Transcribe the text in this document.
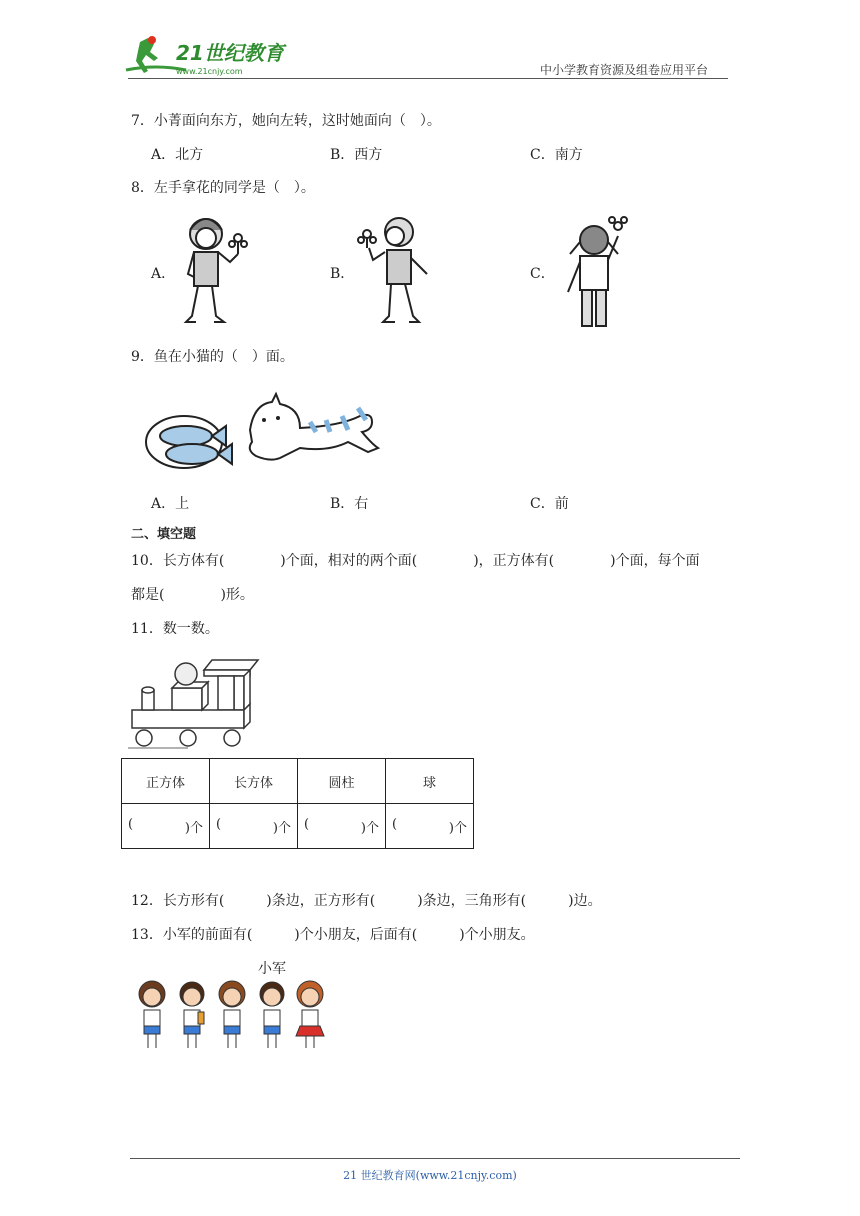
21世纪教育
www.21cnjy.com	中小学教育资源及组卷应用平台
7．小菁面向东方，她向左转，这时她面向（　）。
A．北方	B．西方	C．南方
8．左手拿花的同学是（　）。
A．	B．	C．
9．鱼在小猫的（　）面。
A．上	B．右	C．前
二、填空题
10．长方体有(　　　　)个面，相对的两个面(　　　　)，正方体有(　　　　)个面，每个面
都是(　　　　)形。
11．数一数。
正方体	长方体	圆柱	球

( )个	( )个	( )个	( )个
12．长方形有(　　　)条边，正方形有(　　　)条边，三角形有(　　　)边。
13．小军的前面有(　　　)个小朋友，后面有(　　　)个小朋友。
小军
21 世纪教育网(www.21cnjy.com)
